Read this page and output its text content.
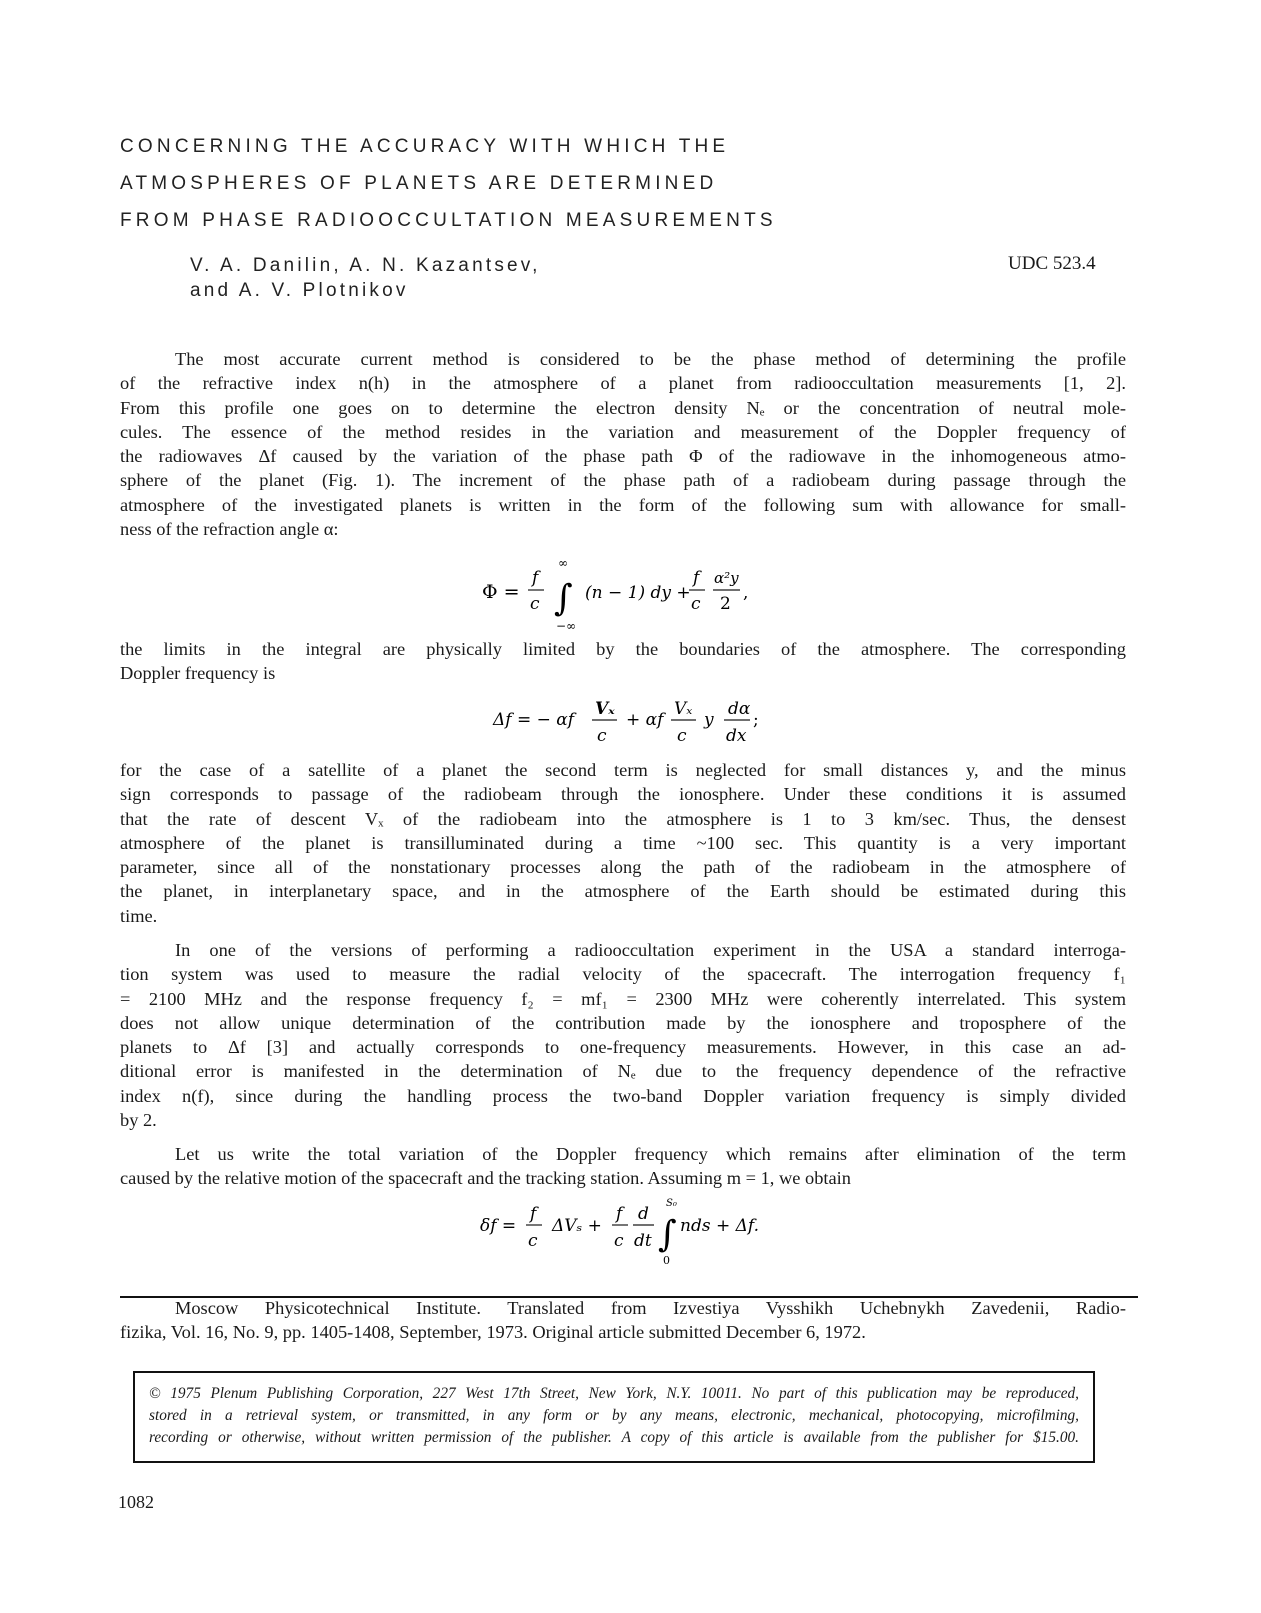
CONCERNING THE ACCURACY WITH WHICH THE
ATMOSPHERES OF PLANETS ARE DETERMINED
FROM PHASE RADIOOCCULTATION MEASUREMENTS
V. A. Danilin, A. N. Kazantsev,
and A. V. Plotnikov
UDC 523.4
The most accurate current method is considered to be the phase method of determining the profile
of the refractive index n(h) in the atmosphere of a planet from radiooccultation measurements [1, 2].
From this profile one goes on to determine the electron density Nₑ or the concentration of neutral mole-
cules. The essence of the method resides in the variation and measurement of the Doppler frequency of
the radiowaves Δf caused by the variation of the phase path Φ of the radiowave in the inhomogeneous atmo-
sphere of the planet (Fig. 1). The increment of the phase path of a radiobeam during passage through the
atmosphere of the investigated planets is written in the form of the following sum with allowance for small-
ness of the refraction angle α:
Φ =
f
c
∞
∫
−∞
(n − 1) dy +
f
c
α²y
2
,
the limits in the integral are physically limited by the boundaries of the atmosphere. The corresponding
Doppler frequency is
Δf = − αf
Vₓ
c
+ αf
Vₓ
c
y
dα
dx
;
for the case of a satellite of a planet the second term is neglected for small distances y, and the minus
sign corresponds to passage of the radiobeam through the ionosphere. Under these conditions it is assumed
that the rate of descent Vₓ of the radiobeam into the atmosphere is 1 to 3 km/sec. Thus, the densest
atmosphere of the planet is transilluminated during a time ~100 sec. This quantity is a very important
parameter, since all of the nonstationary processes along the path of the radiobeam in the atmosphere of
the planet, in interplanetary space, and in the atmosphere of the Earth should be estimated during this
time.
In one of the versions of performing a radiooccultation experiment in the USA a standard interroga-
tion system was used to measure the radial velocity of the spacecraft. The interrogation frequency f₁
= 2100 MHz and the response frequency f₂ = mf₁ = 2300 MHz were coherently interrelated. This system
does not allow unique determination of the contribution made by the ionosphere and troposphere of the
planets to Δf [3] and actually corresponds to one-frequency measurements. However, in this case an ad-
ditional error is manifested in the determination of Nₑ due to the frequency dependence of the refractive
index n(f), since during the handling process the two-band Doppler variation frequency is simply divided
by 2.
Let us write the total variation of the Doppler frequency which remains after elimination of the term
caused by the relative motion of the spacecraft and the tracking station. Assuming m = 1, we obtain
δf =
f
c
ΔVₛ +
f
c
d
dt
S₀
∫
0
nds + Δf.
Moscow Physicotechnical Institute. Translated from Izvestiya Vysshikh Uchebnykh Zavedenii, Radio-
fizika, Vol. 16, No. 9, pp. 1405-1408, September, 1973. Original article submitted December 6, 1972.
© 1975 Plenum Publishing Corporation, 227 West 17th Street, New York, N.Y. 10011. No part of this publication may be reproduced,
stored in a retrieval system, or transmitted, in any form or by any means, electronic, mechanical, photocopying, microfilming,
recording or otherwise, without written permission of the publisher. A copy of this article is available from the publisher for $15.00.
1082
